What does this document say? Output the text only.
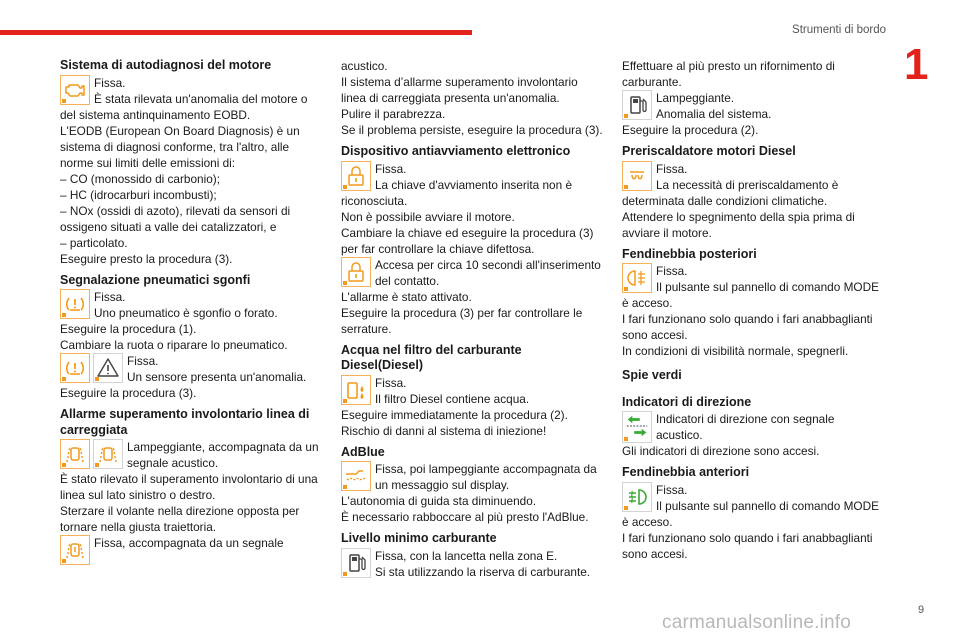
Strumenti di bordo
1
Sistema di autodiagnosi del motore

Fissa.

È stata rilevata un'anomalia del motore o del sistema antinquinamento EOBD.

L'EODB (European On Board Diagnosis) è un sistema di diagnosi conforme, tra l'altro, alle norme sui limiti delle emissioni di:

– CO (monossido di carbonio);

– HC (idrocarburi incombusti);

– NOx (ossidi di azoto), rilevati da sensori di ossigeno situati a valle dei catalizzatori, e

– particolato.

Eseguire presto la procedura (3).

Segnalazione pneumatici sgonfi

Fissa.

Uno pneumatico è sgonfio o forato.

Eseguire la procedura (1).

Cambiare la ruota o riparare lo pneumatico.

Fissa.

Un sensore presenta un'anomalia.

Eseguire la procedura (3).

Allarme superamento involontario linea di carreggiata

Lampeggiante, accompagnata da un segnale acustico.

È stato rilevato il superamento involontario di una linea sul lato sinistro o destro.

Sterzare il volante nella direzione opposta per tornare nella giusta traiettoria.

Fissa, accompagnata da un segnale

acustico.

Il sistema d’allarme superamento involontario linea di carreggiata presenta un'anomalia.

Pulire il parabrezza.

Se il problema persiste, eseguire la procedura (3).

Dispositivo antiavviamento elettronico

Fissa.

La chiave d'avviamento inserita non è riconosciuta.

Non è possibile avviare il motore.

Cambiare la chiave ed eseguire la procedura (3) per far controllare la chiave difettosa.

Accesa per circa 10 secondi all'inserimento del contatto.

L'allarme è stato attivato.

Eseguire la procedura (3) per far controllare le serrature.

Acqua nel filtro del carburante Diesel(Diesel)

Fissa.

Il filtro Diesel contiene acqua.

Eseguire immediatamente la procedura (2).

Rischio di danni al sistema di iniezione!

AdBlue

Fissa, poi lampeggiante accompagnata da un messaggio sul display.

L'autonomia di guida sta diminuendo.

È necessario rabboccare al più presto l'AdBlue.

Livello minimo carburante

Fissa, con la lancetta nella zona E.

Si sta utilizzando la riserva di carburante.

Effettuare al più presto un rifornimento di carburante.

Lampeggiante.

Anomalia del sistema.

Eseguire la procedura (2).

Preriscaldatore motori Diesel

Fissa.

La necessità di preriscaldamento è determinata dalle condizioni climatiche.

Attendere lo spegnimento della spia prima di avviare il motore.

Fendinebbia posteriori

Fissa.

Il pulsante sul pannello di comando MODE è acceso.

I fari funzionano solo quando i fari anabbaglianti sono accesi.

In condizioni di visibilità normale, spegnerli.

Spie verdi
Indicatori di direzione

Indicatori di direzione con segnale acustico.

Gli indicatori di direzione sono accesi.

Fendinebbia anteriori

Fissa.

Il pulsante sul pannello di comando MODE è acceso.

I fari funzionano solo quando i fari anabbaglianti sono accesi.

9
carmanualsonline.info
